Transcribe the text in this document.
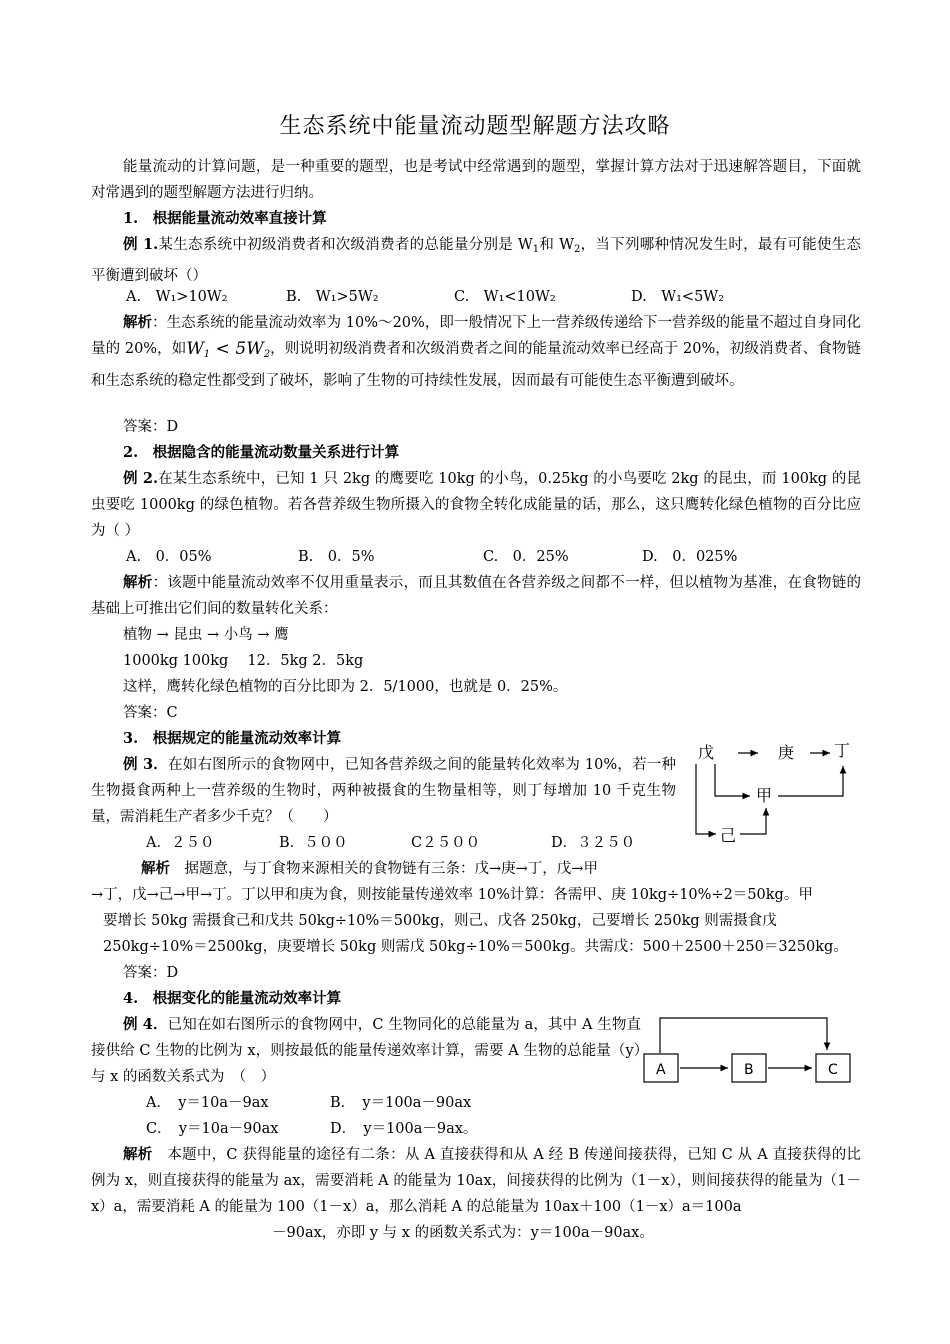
生态系统中能量流动题型解题方法攻略
能量流动的计算问题，是一种重要的题型，也是考试中经常遇到的题型，掌握计算方法对于迅速解答题目，下面就对常遇到的题型解题方法进行归纳。
1.　根据能量流动效率直接计算
例 1.某生态系统中初级消费者和次级消费者的总能量分别是 $W_1$和 $W_2$，当下列哪种情况发生时，最有可能使生态平衡遭到破坏（）
A.　W₁>10W₂	B.　W₁>5W₂	C.　W₁<10W₂	D.　W₁<5W₂
解析：生态系统的能量流动效率为 10%～20%，即一般情况下上一营养级传递给下一营养级的能量不超过自身同化量的 20%，如$W_1 < 5W_2$，则说明初级消费者和次级消费者之间的能量流动效率已经高于 20%，初级消费者、食物链和生态系统的稳定性都受到了破坏，影响了生物的可持续性发展，因而最有可能使生态平衡遭到破坏。
答案：D
2.　根据隐含的能量流动数量关系进行计算
例 2.在某生态系统中，已知 1 只 2kg 的鹰要吃 10kg 的小鸟，0.25kg 的小鸟要吃 2kg 的昆虫，而 100kg 的昆虫要吃 1000kg 的绿色植物。若各营养级生物所摄入的食物全转化成能量的话，那么，这只鹰转化绿色植物的百分比应为（ ）
A.　0．05%	B.　0．5%	C.　0．25%	D.　0．025%
解析：该题中能量流动效率不仅用重量表示，而且其数值在各营养级之间都不一样，但以植物为基准，在食物链的基础上可推出它们间的数量转化关系：
植物 → 昆虫 → 小鸟 → 鹰
1000kg 100kg　 12．5kg 2．5kg
这样，鹰转化绿色植物的百分比即为 2．5/1000，也就是 0．25%。
答案：C
3.　根据规定的能量流动效率计算
例 3．在如右图所示的食物网中，已知各营养级之间的能量转化效率为 10%，若一种生物摄食两种上一营养级的生物时，两种被摄食的生物量相等，则丁每增加 10 千克生物量，需消耗生产者多少千克？（　　）
A．２５０	B．５００	C２５００	D．３２５０
戊	庚 丁
甲
己
解析　据题意，与丁食物来源相关的食物链有三条：戊→庚→丁，戊→甲
→丁，戊→己→甲→丁。丁以甲和庚为食，则按能量传递效率 10%计算：各需甲、庚 10kg÷10%÷2＝50kg。甲
要增长 50kg 需摄食己和戊共 50kg÷10%＝500kg，则己、戊各 250kg，己要增长 250kg 则需摄食戊
250kg÷10%＝2500kg，庚要增长 50kg 则需戊 50kg÷10%＝500kg。共需戊：500＋2500＋250＝3250kg。
答案：D
4.　根据变化的能量流动效率计算
例 4．已知在如右图所示的食物网中，C 生物同化的总能量为 a，其中 A 生物直接供给 C 生物的比例为 x，则按最低的能量传递效率计算，需要 A 生物的总能量（y）与 x 的函数关系式为　（　）
A．　y＝10a－9ax	B．　y＝100a－90ax
C．　y＝10a－90ax	D．　y＝100a－9ax。
A	B	C
解析　本题中，C 获得能量的途径有二条：从 A 直接获得和从 A 经 B 传递间接获得，已知 C 从 A 直接获得的比例为 x，则直接获得的能量为 ax，需要消耗 A 的能量为 10ax，间接获得的比例为（1－x），则间接获得的能量为（1－x）a，需要消耗 A 的能量为 100（1－x）a，那么消耗 A 的总能量为 10ax＋100（1－x）a＝100a
－90ax，亦即 y 与 x 的函数关系式为：y＝100a－90ax。
